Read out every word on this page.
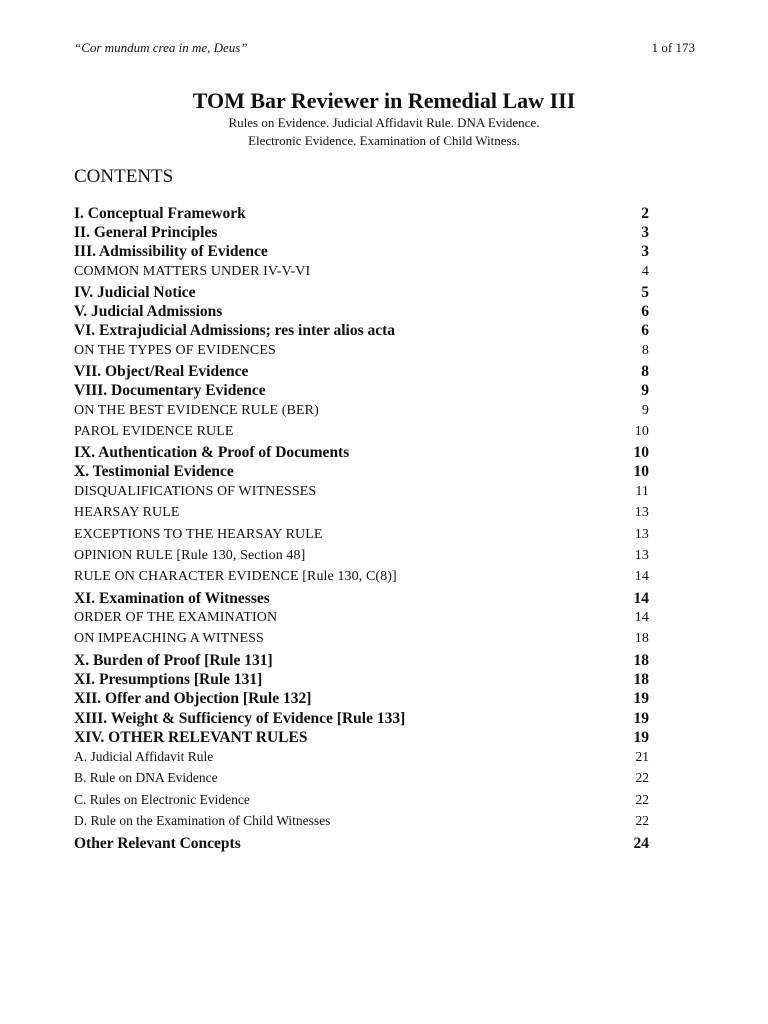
“Cor mundum crea in me, Deus”	1 of 173
TOM Bar Reviewer in Remedial Law III
Rules on Evidence. Judicial Affidavit Rule. DNA Evidence.
Electronic Evidence. Examination of Child Witness.
CONTENTS
I. Conceptual Framework	2
II. General Principles	3
III. Admissibility of Evidence	3
COMMON MATTERS UNDER IV-V-VI	4
IV. Judicial Notice	5
V. Judicial Admissions	6
VI. Extrajudicial Admissions; res inter alios acta	6
ON THE TYPES OF EVIDENCES	8
VII. Object/Real Evidence	8
VIII. Documentary Evidence	9
ON THE BEST EVIDENCE RULE (BER)	9
PAROL EVIDENCE RULE	10
IX. Authentication & Proof of Documents	10
X. Testimonial Evidence	10
DISQUALIFICATIONS OF WITNESSES	11
HEARSAY RULE	13
EXCEPTIONS TO THE HEARSAY RULE	13
OPINION RULE [Rule 130, Section 48]	13
RULE ON CHARACTER EVIDENCE [Rule 130, C(8)]	14
XI. Examination of Witnesses	14
ORDER OF THE EXAMINATION	14
ON IMPEACHING A WITNESS	18
X. Burden of Proof [Rule 131]	18
XI. Presumptions [Rule 131]	18
XII. Offer and Objection [Rule 132]	19
XIII. Weight & Sufficiency of Evidence [Rule 133]	19
XIV. OTHER RELEVANT RULES	19
A. Judicial Affidavit Rule	21
B. Rule on DNA Evidence	22
C. Rules on Electronic Evidence	22
D. Rule on the Examination of Child Witnesses	22
Other Relevant Concepts	24
